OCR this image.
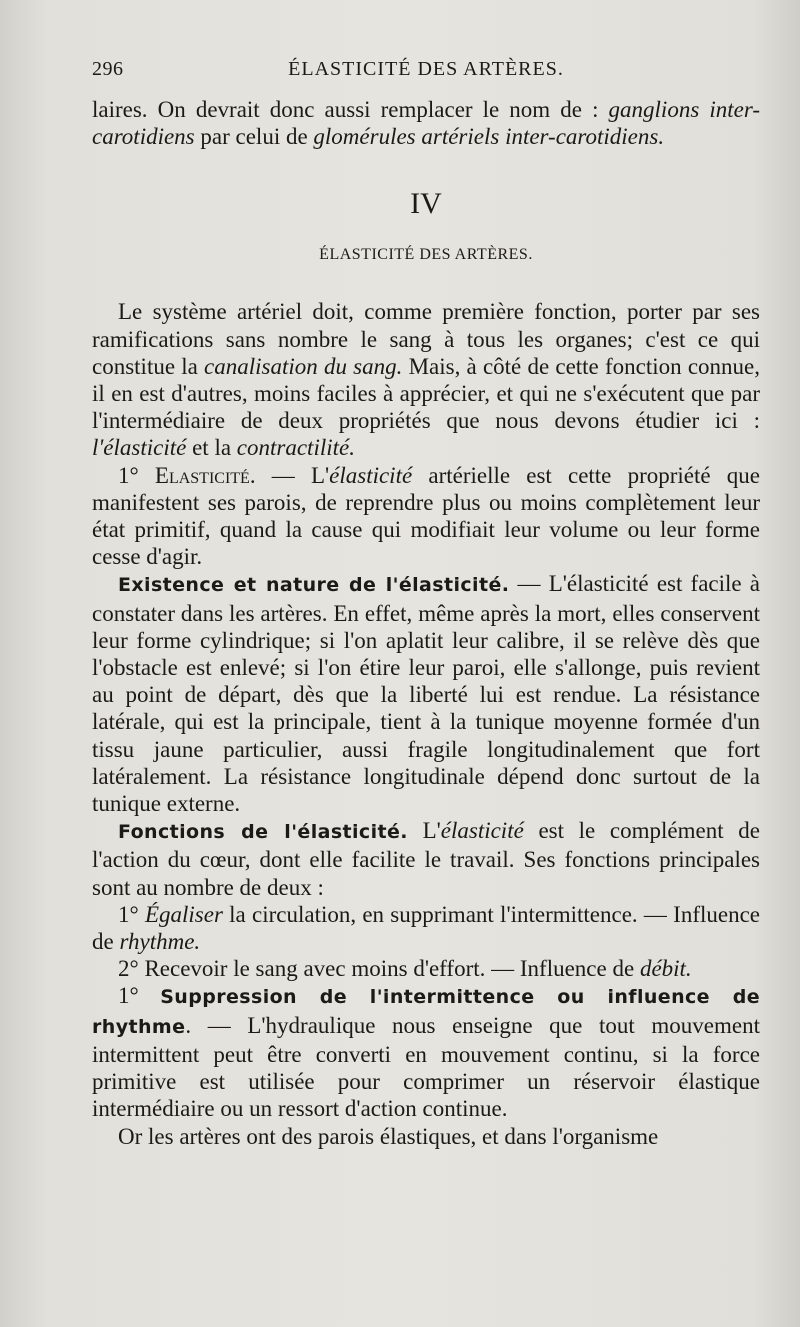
296	ÉLASTICITÉ DES ARTÈRES.

laires. On devrait donc aussi remplacer le nom de : ganglions inter-carotidiens par celui de glomérules artériels inter-carotidiens.

IV
ÉLASTICITÉ DES ARTÈRES.

Le système artériel doit, comme première fonction, porter par ses ramifications sans nombre le sang à tous les organes; c'est ce qui constitue la canalisation du sang. Mais, à côté de cette fonction connue, il en est d'autres, moins faciles à apprécier, et qui ne s'exécutent que par l'intermédiaire de deux propriétés que nous devons étudier ici : l'élasticité et la contractilité.

1° Elasticité. — L'élasticité artérielle est cette propriété que manifestent ses parois, de reprendre plus ou moins complètement leur état primitif, quand la cause qui modifiait leur volume ou leur forme cesse d'agir.

Existence et nature de l'élasticité. — L'élasticité est facile à constater dans les artères. En effet, même après la mort, elles conservent leur forme cylindrique; si l'on aplatit leur calibre, il se relève dès que l'obstacle est enlevé; si l'on étire leur paroi, elle s'allonge, puis revient au point de départ, dès que la liberté lui est rendue. La résistance latérale, qui est la principale, tient à la tunique moyenne formée d'un tissu jaune particulier, aussi fragile longitudinalement que fort latéralement. La résistance longitudinale dépend donc surtout de la tunique externe.

Fonctions de l'élasticité. L'élasticité est le complément de l'action du cœur, dont elle facilite le travail. Ses fonctions principales sont au nombre de deux :

1° Égaliser la circulation, en supprimant l'intermittence. — Influence de rhythme.

2° Recevoir le sang avec moins d'effort. — Influence de débit.

1° Suppression de l'intermittence ou influence de rhythme. — L'hydraulique nous enseigne que tout mouvement intermittent peut être converti en mouvement continu, si la force primitive est utilisée pour comprimer un réservoir élastique intermédiaire ou un ressort d'action continue.

Or les artères ont des parois élastiques, et dans l'organisme
